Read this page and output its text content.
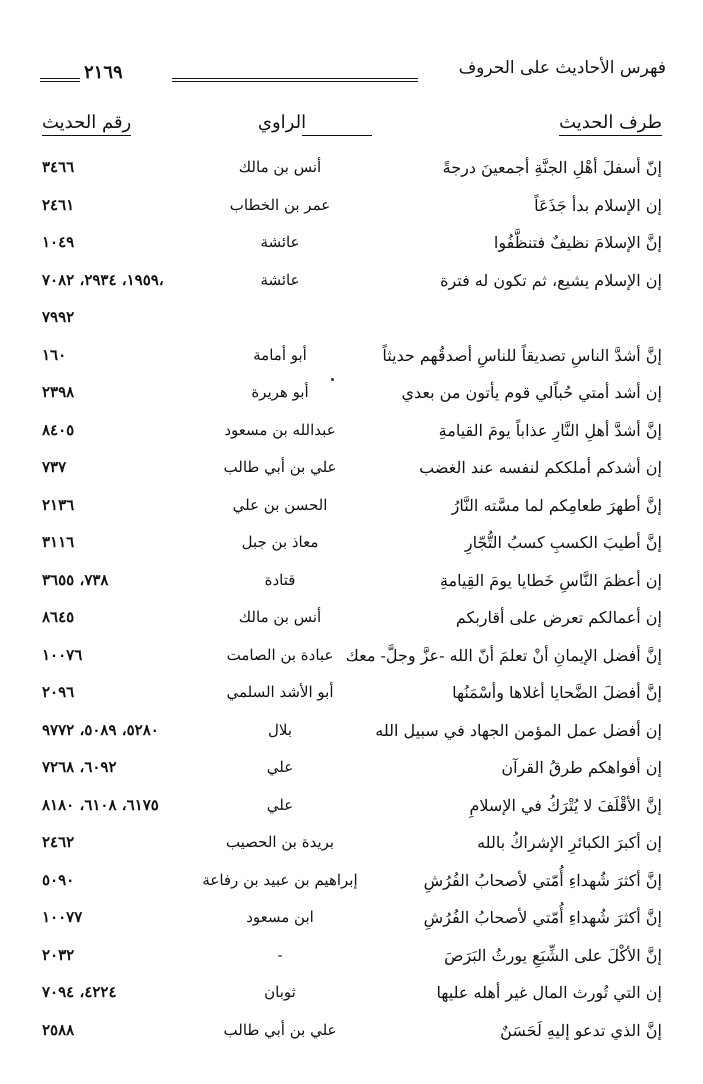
فهرس الأحاديث على الحروف
٢١٦٩
طرف الحديث
الراوي
رقم الحديث
إنّ أسفلَ أهْلِ الجنَّةِ أجمعينَ درجةً
أنس بن مالك
٣٤٦٦
إن الإسلام بدأ جَذَعَاً
عمر بن الخطاب
٢٤٦١
إنَّ الإسلامَ نظيفٌ فتنظَّفُوا
عائشة
١٠٤٩
إن الإسلام يشيع، ثم تكون له فترة
عائشة
١٩٥٩، ٢٩٣٤، ٧٠٨٢،
٧٩٩٢
إنَّ أشدَّ الناسِ تصديقاً للناسِ أصدقُهم حديثاً
أبو أمامة
١٦٠
إن أشد أمتي حُباًلي قوم يأتون من بعدي
أبو هريرة
٢٣٩٨
إنَّ أشدَّ أهلِ النَّارِ عذاباً يومَ القيامةِ
عبدالله بن مسعود
٨٤٠٥
إن أشدكم أملككم لنفسه عند الغضب
علي بن أبي طالب
٧٣٧
إنَّ أطهرَ طعامِكم لما مسَّته النَّارُ
الحسن بن علي
٢١٣٦
إنَّ أطيبَ الكسبِ كسبُ التُّجّارِ
معاذ بن جبل
٣١١٦
إن أعظمَ النَّاسِ خَطايا يومَ القِيامةِ
قتادة
٧٣٨، ٣٦٥٥
إن أعمالكم تعرض على أقاربكم
أنس بن مالك
٨٦٤٥
إنَّ أفضل الإيمانِ أنْ تعلمَ أنّ الله -عزَّ وجلَّ- معك
عبادة بن الصامت
١٠٠٧٦
إنَّ أفضلَ الضَّحايا أغلاها وأسْمَنُها
أبو الأشد السلمي
٢٠٩٦
إن أفضل عمل المؤمن الجهاد في سبيل الله
بلال
٥٢٨٠، ٥٠٨٩، ٩٧٧٢
إن أفواهكم طرقُ القرآن
علي
٦٠٩٢، ٧٢٦٨
إنَّ الأقْلَفَ لا يُتْرَكُ في الإسلامِ
علي
٦١٧٥، ٦١٠٨، ٨١٨٠
إن أكبرَ الكبائرِ الإشراكُ بالله
بريدة بن الحصيب
٢٤٦٢
إنَّ أكثرَ شُهداءِ أُمّتي لأصحابُ الفُرُشِ
إبراهيم بن عبيد بن رفاعة
٥٠٩٠
إنَّ أكثرَ شُهداءِ أُمّتي لأصحابُ الفُرُشِ
ابن مسعود
١٠٠٧٧
إنَّ الأكْلَ على الشِّبَعِ يورثُ البَرَصَ
-
٢٠٣٢
إن التي تُورث المال غير أهله عليها
ثوبان
٤٢٢٤، ٧٠٩٤
إنَّ الذي تدعو إليهِ لَحَسَنٌ
علي بن أبي طالب
٢٥٨٨
